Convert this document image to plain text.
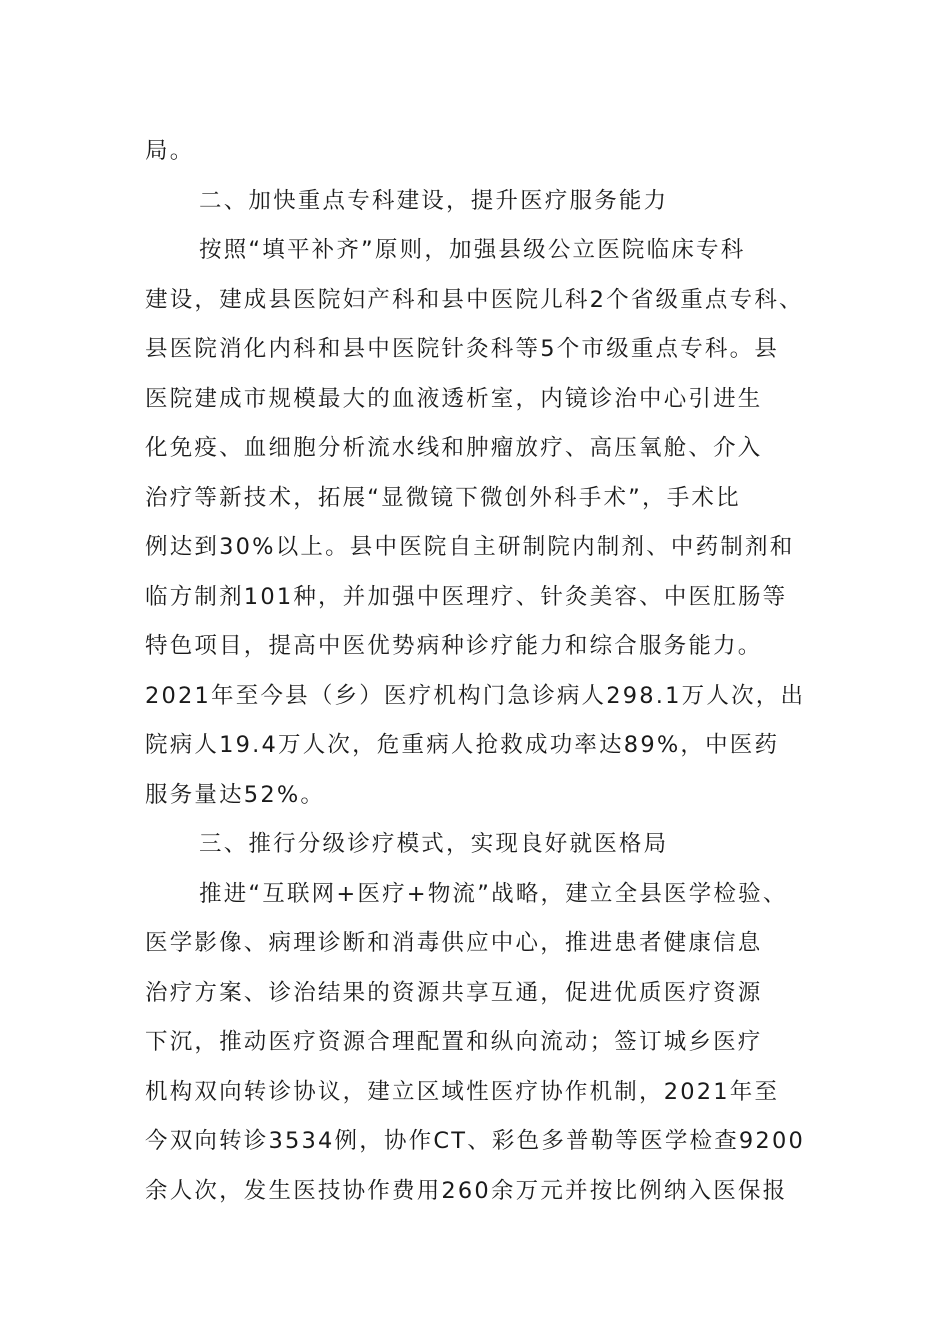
局。
二、加快重点专科建设，提升医疗服务能力
按照“填平补齐”原则，加强县级公立医院临床专科
建设，建成县医院妇产科和县中医院儿科2个省级重点专科、
县医院消化内科和县中医院针灸科等5个市级重点专科。县
医院建成市规模最大的血液透析室，内镜诊治中心引进生
化免疫、血细胞分析流水线和肿瘤放疗、高压氧舱、介入
治疗等新技术，拓展“显微镜下微创外科手术”，手术比
例达到30%以上。县中医院自主研制院内制剂、中药制剂和
临方制剂101种，并加强中医理疗、针灸美容、中医肛肠等
特色项目，提高中医优势病种诊疗能力和综合服务能力。
2021年至今县（乡）医疗机构门急诊病人298.1万人次，出
院病人19.4万人次，危重病人抢救成功率达89%，中医药
服务量达52%。
三、推行分级诊疗模式，实现良好就医格局
推进“互联网+医疗+物流”战略，建立全县医学检验、
医学影像、病理诊断和消毒供应中心，推进患者健康信息
治疗方案、诊治结果的资源共享互通，促进优质医疗资源
下沉，推动医疗资源合理配置和纵向流动；签订城乡医疗
机构双向转诊协议，建立区域性医疗协作机制，2021年至
今双向转诊3534例，协作CT、彩色多普勒等医学检查9200
余人次，发生医技协作费用260余万元并按比例纳入医保报
